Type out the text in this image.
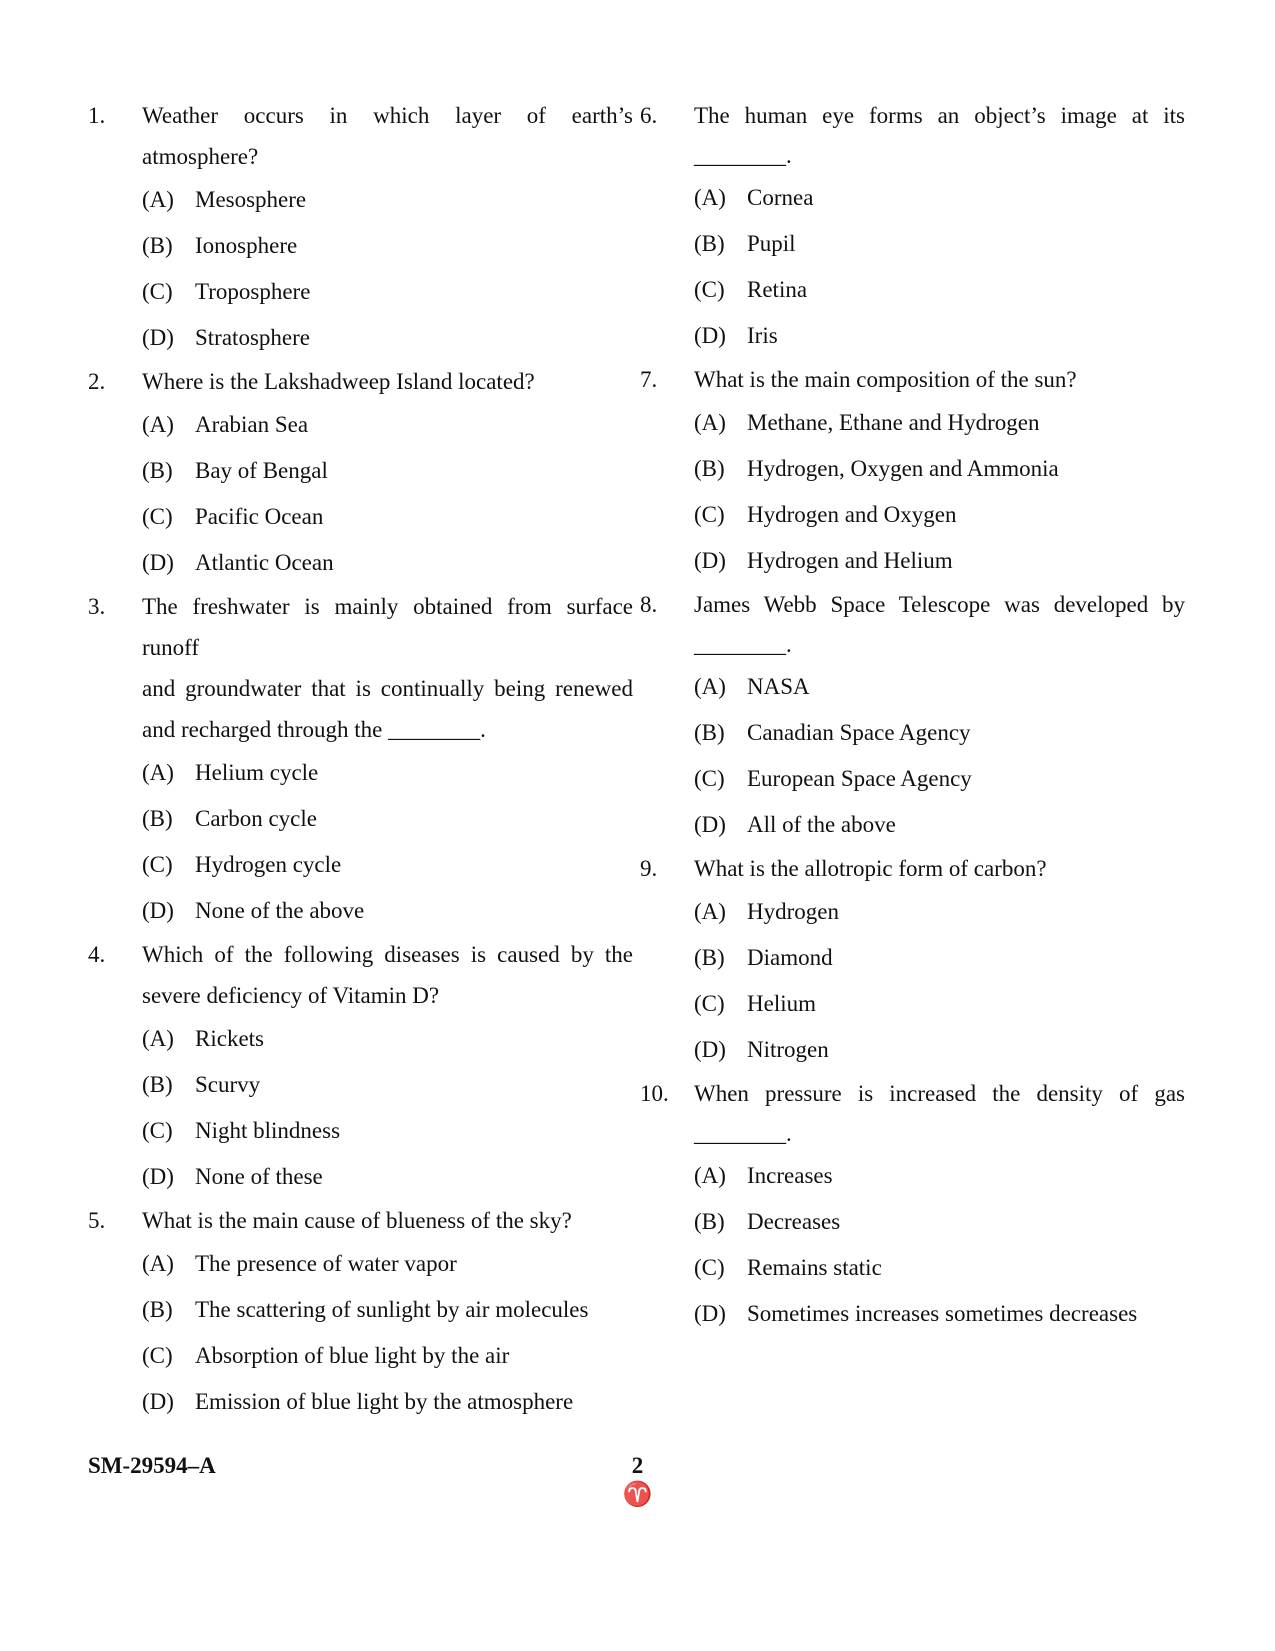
1.	Weather occurs in which layer of earth’s atmosphere?
(A) Mesosphere
(B) Ionosphere
(C) Troposphere
(D) Stratosphere
2.	Where is the Lakshadweep Island located?
(A) Arabian Sea
(B) Bay of Bengal
(C) Pacific Ocean
(D) Atlantic Ocean
3.	The freshwater is mainly obtained from surface runoff
and groundwater that is continually being renewed
and recharged through the ________.
(A) Helium cycle
(B) Carbon cycle
(C) Hydrogen cycle
(D) None of the above
4.	Which of the following diseases is caused by the
severe deficiency of Vitamin D?
(A) Rickets
(B) Scurvy
(C) Night blindness
(D) None of these
5.	What is the main cause of blueness of the sky?
(A) The presence of water vapor
(B) The scattering of sunlight by air molecules
(C) Absorption of blue light by the air
(D) Emission of blue light by the atmosphere
6.	The human eye forms an object’s image at its
________.
(A) Cornea
(B) Pupil
(C) Retina
(D) Iris
7.	What is the main composition of the sun?
(A) Methane, Ethane and Hydrogen
(B) Hydrogen, Oxygen and Ammonia
(C) Hydrogen and Oxygen
(D) Hydrogen and Helium
8.	James Webb Space Telescope was developed by
________.
(A) NASA
(B) Canadian Space Agency
(C) European Space Agency
(D) All of the above
9.	What is the allotropic form of carbon?
(A) Hydrogen
(B) Diamond
(C) Helium
(D) Nitrogen
10.	When pressure is increased the density of gas
________.
(A) Increases
(B) Decreases
(C) Remains static
(D) Sometimes increases sometimes decreases
SM-29594–A	2
♈
